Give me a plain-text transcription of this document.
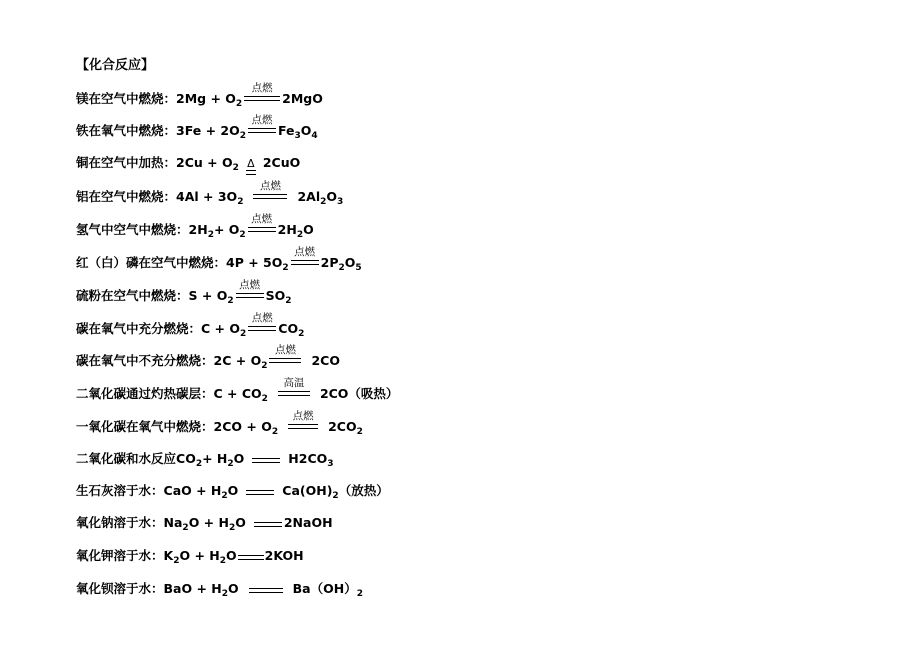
【化合反应】
镁在空气中燃烧：$2Mg + O_2$
点燃
2MgO
铁在氧气中燃烧：$3Fe + 2O_2$
点燃
$Fe_3O_4$
铜在空气中加热：$2Cu + O_2$ Δ 2CuO
铝在空气中燃烧：$4Al + 3O_2$
点燃
$2Al_2O_3$
氢气中空气中燃烧：$2H_2+ O_2$
点燃
$2H_2O$
红（白）磷在空气中燃烧：$4P + 5O_2$
点燃
$2P_2O_5$
硫粉在空气中燃烧：$S + O_2$
点燃
$SO_2$
碳在氧气中充分燃烧：$C + O_2$
点燃
$CO_2$
碳在氧气中不充分燃烧：$2C + O_2$
点燃
2CO
二氧化碳通过灼热碳层：$C + CO_2$
高温
2CO（吸热）
一氧化碳在氧气中燃烧：$2CO + O_2$
点燃
$2CO_2$
二氧化碳和水反应$CO_2+ H_2O$	$H2CO_3$
生石灰溶于水：CaO + $H_2O$	$Ca(OH)_2$（放热）
氧化钠溶于水：$Na_2O + H_2O$	2NaOH
氧化钾溶于水：$K_2O + H_2O$ 2KOH
氧化钡溶于水：BaO + $H_2O$	$Ba(OH)_2$
